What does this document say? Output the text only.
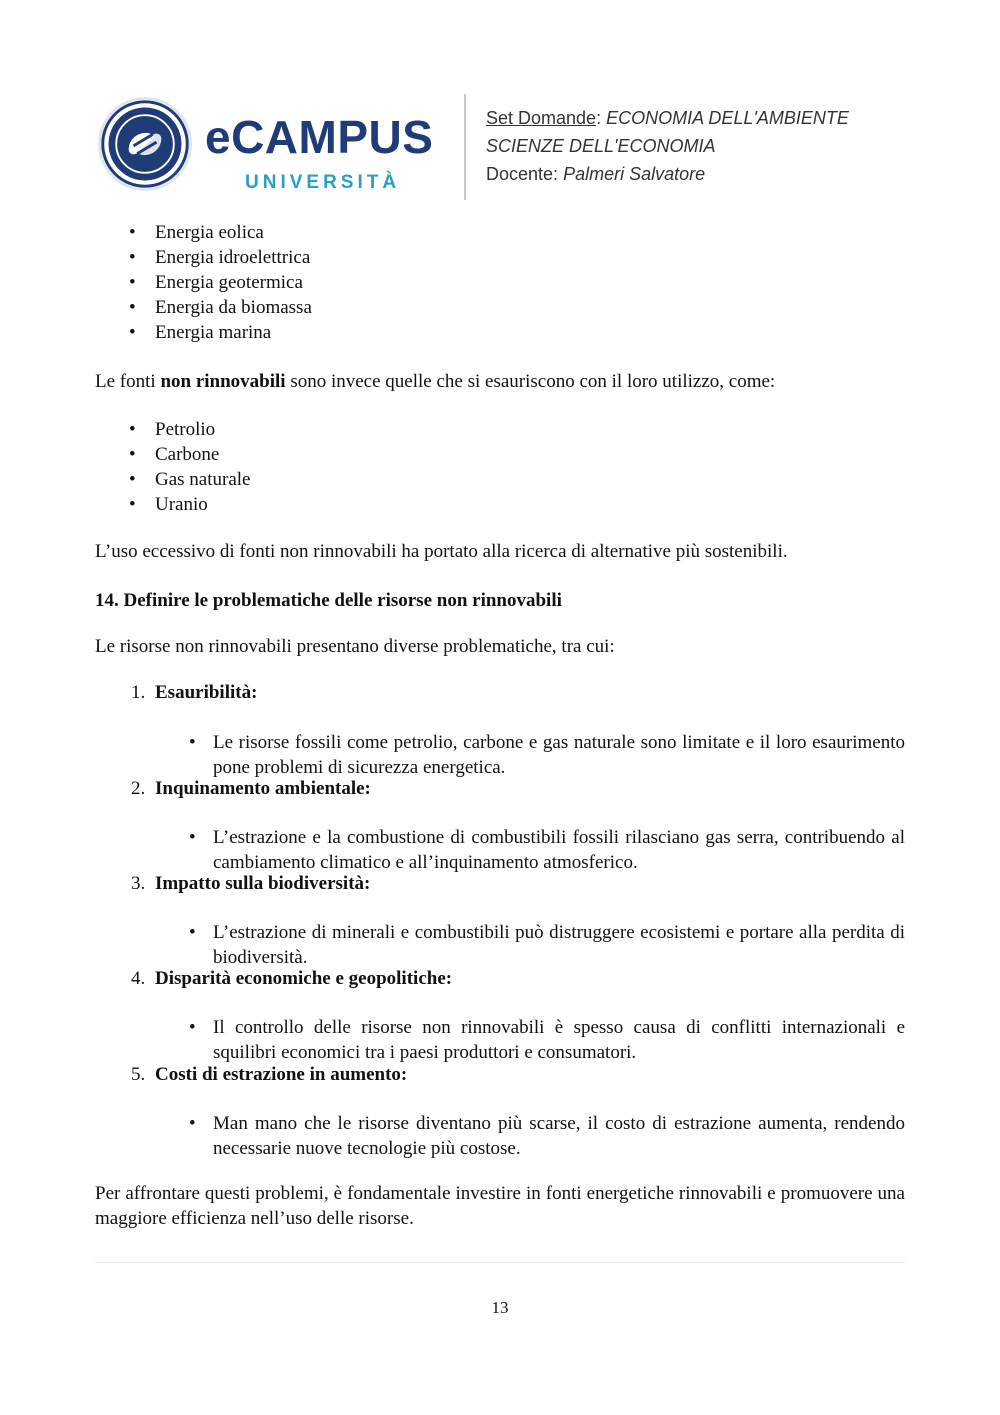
eCAMPUS
UNIVERSITÀ
Set Domande: ECONOMIA DELL'AMBIENTE
SCIENZE DELL'ECONOMIA
Docente: Palmeri Salvatore
• Energia eolica
• Energia idroelettrica
• Energia geotermica
• Energia da biomassa
• Energia marina

Le fonti non rinnovabili sono invece quelle che si esauriscono con il loro utilizzo, come:

• Petrolio
• Carbone
• Gas naturale
• Uranio

L’uso eccessivo di fonti non rinnovabili ha portato alla ricerca di alternative più sostenibili.

14. Definire le problematiche delle risorse non rinnovabili

Le risorse non rinnovabili presentano diverse problematiche, tra cui:

1. Esauribilità:
• Le risorse fossili come petrolio, carbone e gas naturale sono limitate e il loro esaurimento pone problemi di sicurezza energetica.
2. Inquinamento ambientale:
• L’estrazione e la combustione di combustibili fossili rilasciano gas serra, contribuendo al cambiamento climatico e all’inquinamento atmosferico.
3. Impatto sulla biodiversità:
• L’estrazione di minerali e combustibili può distruggere ecosistemi e portare alla perdita di biodiversità.
4. Disparità economiche e geopolitiche:
• Il controllo delle risorse non rinnovabili è spesso causa di conflitti internazionali e squilibri economici tra i paesi produttori e consumatori.
5. Costi di estrazione in aumento:
• Man mano che le risorse diventano più scarse, il costo di estrazione aumenta, rendendo necessarie nuove tecnologie più costose.

Per affrontare questi problemi, è fondamentale investire in fonti energetiche rinnovabili e promuovere una maggiore efficienza nell’uso delle risorse.

13
